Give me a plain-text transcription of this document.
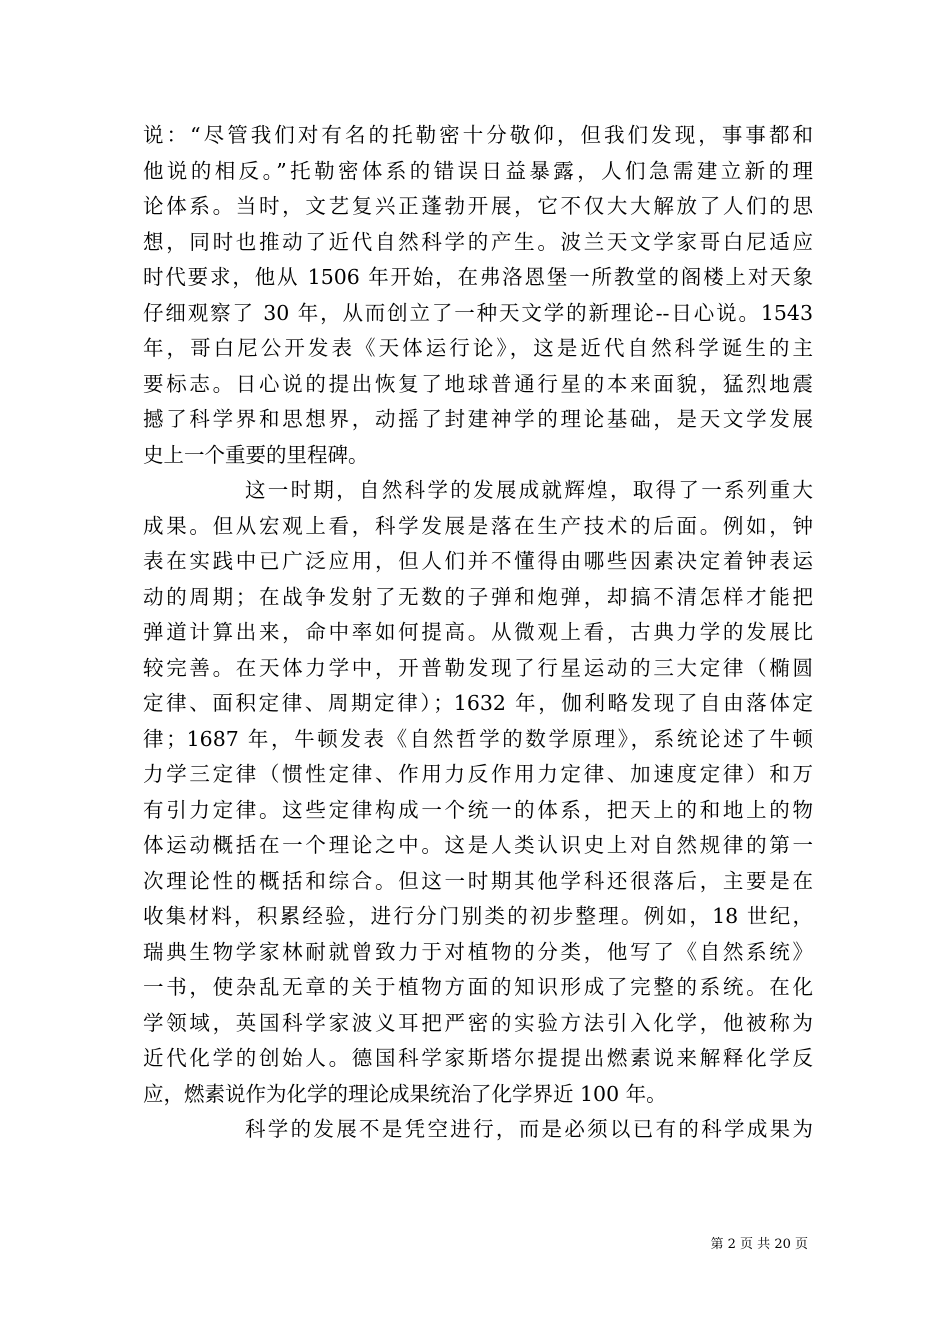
说：“尽管我们对有名的托勒密十分敬仰，但我们发现，事事都和
他说的相反。”托勒密体系的错误日益暴露，人们急需建立新的理
论体系。当时，文艺复兴正蓬勃开展，它不仅大大解放了人们的思
想，同时也推动了近代自然科学的产生。波兰天文学家哥白尼适应
时代要求，他从 1506 年开始，在弗洛恩堡一所教堂的阁楼上对天象
仔细观察了 30 年，从而创立了一种天文学的新理论--日心说。1543
年，哥白尼公开发表《天体运行论》，这是近代自然科学诞生的主
要标志。日心说的提出恢复了地球普通行星的本来面貌，猛烈地震
撼了科学界和思想界，动摇了封建神学的理论基础，是天文学发展
史上一个重要的里程碑。
这一时期，自然科学的发展成就辉煌，取得了一系列重大
成果。但从宏观上看，科学发展是落在生产技术的后面。例如，钟
表在实践中已广泛应用，但人们并不懂得由哪些因素决定着钟表运
动的周期；在战争发射了无数的子弹和炮弹，却搞不清怎样才能把
弹道计算出来，命中率如何提高。从微观上看，古典力学的发展比
较完善。在天体力学中，开普勒发现了行星运动的三大定律（椭圆
定律、面积定律、周期定律）；1632 年，伽利略发现了自由落体定
律；1687 年，牛顿发表《自然哲学的数学原理》，系统论述了牛顿
力学三定律（惯性定律、作用力反作用力定律、加速度定律）和万
有引力定律。这些定律构成一个统一的体系，把天上的和地上的物
体运动概括在一个理论之中。这是人类认识史上对自然规律的第一
次理论性的概括和综合。但这一时期其他学科还很落后，主要是在
收集材料，积累经验，进行分门别类的初步整理。例如，18 世纪，
瑞典生物学家林耐就曾致力于对植物的分类，他写了《自然系统》
一书，使杂乱无章的关于植物方面的知识形成了完整的系统。在化
学领域，英国科学家波义耳把严密的实验方法引入化学，他被称为
近代化学的创始人。德国科学家斯塔尔提提出燃素说来解释化学反
应，燃素说作为化学的理论成果统治了化学界近 100 年。
科学的发展不是凭空进行，而是必须以已有的科学成果为
第 2 页 共 20 页
